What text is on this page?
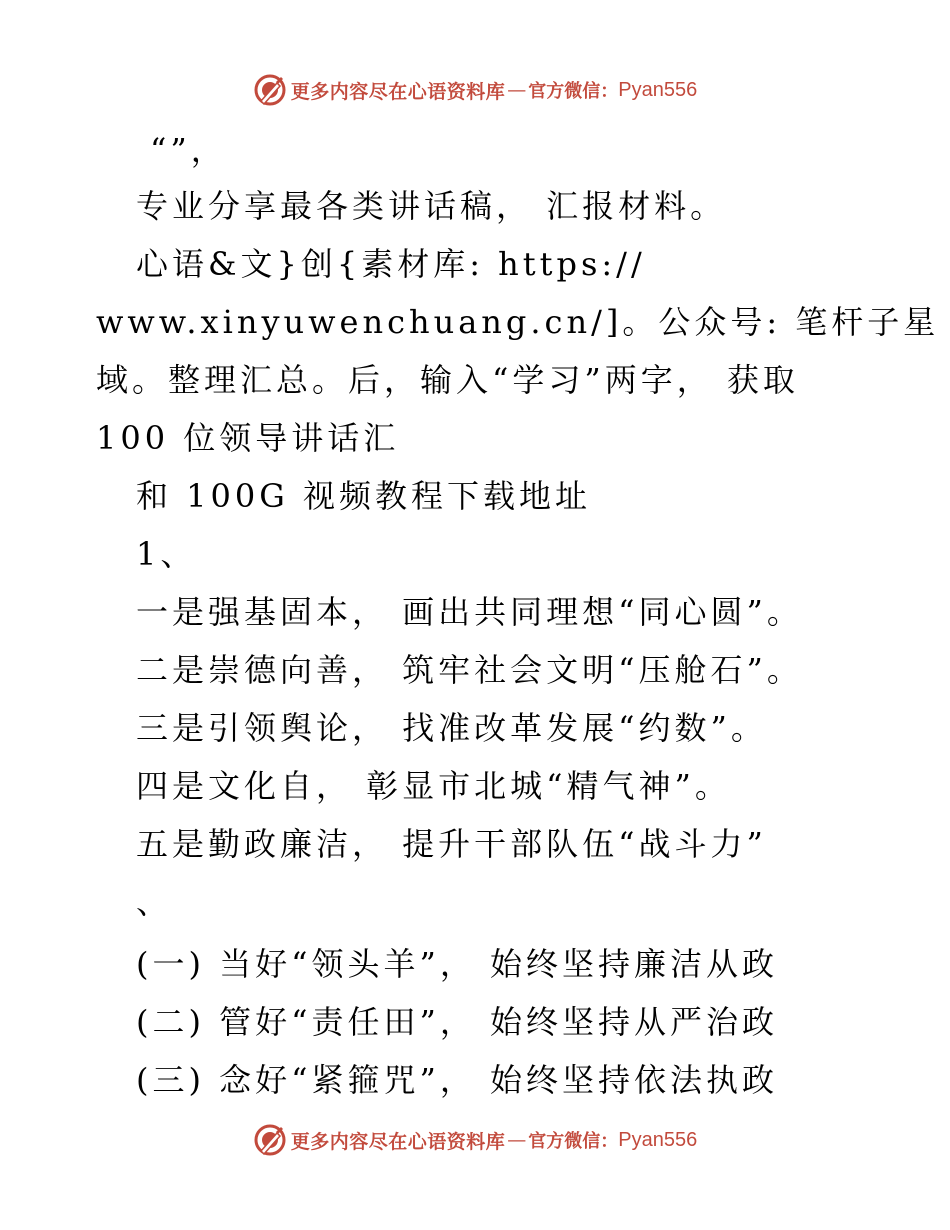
更多内容尽在心语资料库 — 官方微信： Pyan556
“”，
专业分享最各类讲话稿， 汇报材料。
心语&文}创{素材库: https://
www.xinyuwenchuang.cn/]。公众号: 笔杆子星
域。整理汇总。后，输入“学习”两字， 获取
100 位领导讲话汇
和 100G 视频教程下载地址
1、
一是强基固本， 画出共同理想“同心圆”。
二是崇德向善， 筑牢社会文明“压舱石”。
三是引领舆论， 找准改革发展“约数”。
四是文化自， 彰显市北城“精气神”。
五是勤政廉洁， 提升干部队伍“战斗力”
、
(一) 当好“领头羊”， 始终坚持廉洁从政
(二) 管好“责任田”， 始终坚持从严治政
(三) 念好“紧箍咒”， 始终坚持依法执政
更多内容尽在心语资料库 — 官方微信： Pyan556
